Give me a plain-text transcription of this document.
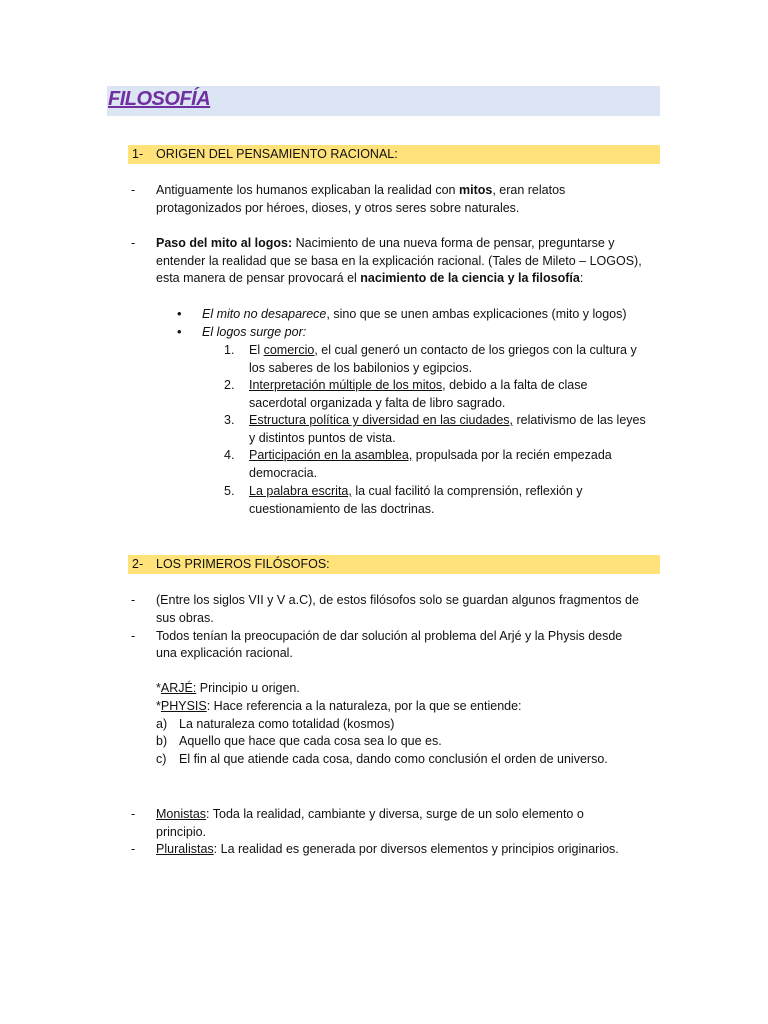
FILOSOFÍA
1- ORIGEN DEL PENSAMIENTO RACIONAL:
- Antiguamente los humanos explicaban la realidad con mitos, eran relatos
protagonizados por héroes, dioses, y otros seres sobre naturales.
- Paso del mito al logos: Nacimiento de una nueva forma de pensar, preguntarse y
entender la realidad que se basa en la explicación racional. (Tales de Mileto – LOGOS),
esta manera de pensar provocará el nacimiento de la ciencia y la filosofía:
• El mito no desaparece, sino que se unen ambas explicaciones (mito y logos)
• El logos surge por:
1. El comercio, el cual generó un contacto de los griegos con la cultura y
los saberes de los babilonios y egipcios.
2. Interpretación múltiple de los mitos, debido a la falta de clase
sacerdotal organizada y falta de libro sagrado.
3. Estructura política y diversidad en las ciudades, relativismo de las leyes
y distintos puntos de vista.
4. Participación en la asamblea, propulsada por la recién empezada
democracia.
5. La palabra escrita, la cual facilitó la comprensión, reflexión y
cuestionamiento de las doctrinas.
2- LOS PRIMEROS FILÓSOFOS:
- (Entre los siglos VII y V a.C), de estos filósofos solo se guardan algunos fragmentos de
sus obras.
- Todos tenían la preocupación de dar solución al problema del Arjé y la Physis desde
una explicación racional.
*ARJÉ: Principio u origen.
*PHYSIS: Hace referencia a la naturaleza, por la que se entiende:
a) La naturaleza como totalidad (kosmos)
b) Aquello que hace que cada cosa sea lo que es.
c) El fin al que atiende cada cosa, dando como conclusión el orden de universo.
- Monistas: Toda la realidad, cambiante y diversa, surge de un solo elemento o
principio.
- Pluralistas: La realidad es generada por diversos elementos y principios originarios.
